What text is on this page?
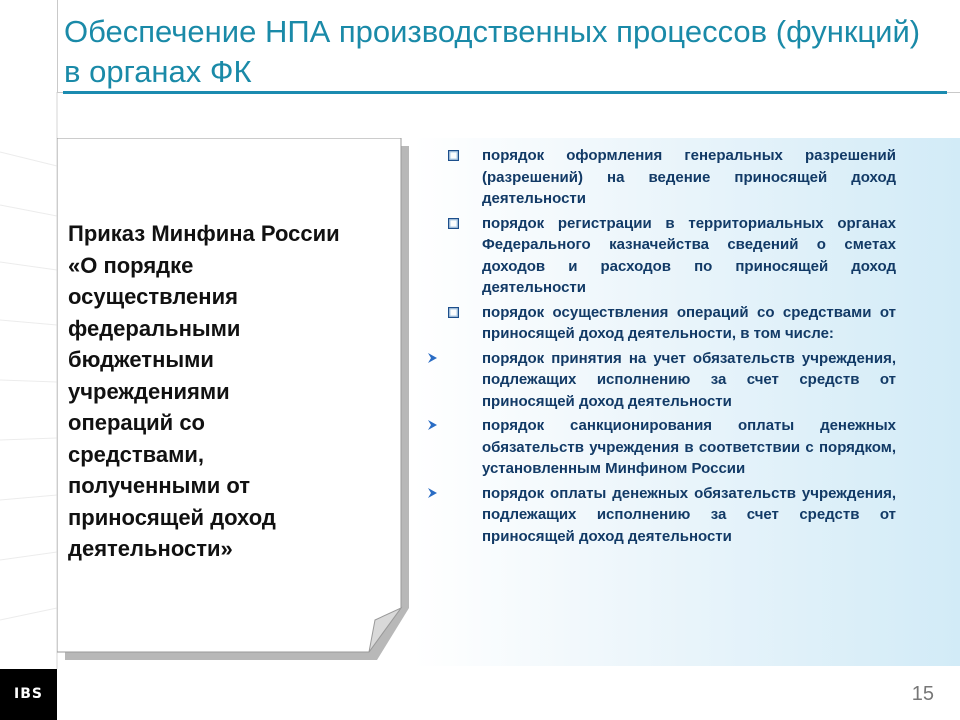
Обеспечение НПА производственных процессов (функций) в органах ФК

Приказ Минфина России
«О порядке
осуществления
федеральными
бюджетными
учреждениями
операций со
средствами,
полученными от
приносящей доход
деятельности»

порядок оформления генеральных разрешений (разрешений) на ведение приносящей доход деятельности
порядок регистрации в территориальных органах Федерального казначейства сведений о сметах доходов и расходов по приносящей доход деятельности
порядок осуществления операций со средствами от приносящей доход деятельности, в том числе:
порядок принятия на учет обязательств учреждения, подлежащих исполнению за счет средств от приносящей доход деятельности
порядок санкционирования оплаты денежных обязательств учреждения в соответствии с порядком, установленным Минфином России
порядок оплаты денежных обязательств учреждения, подлежащих исполнению за счет средств от приносящей доход деятельности
IBS	15
